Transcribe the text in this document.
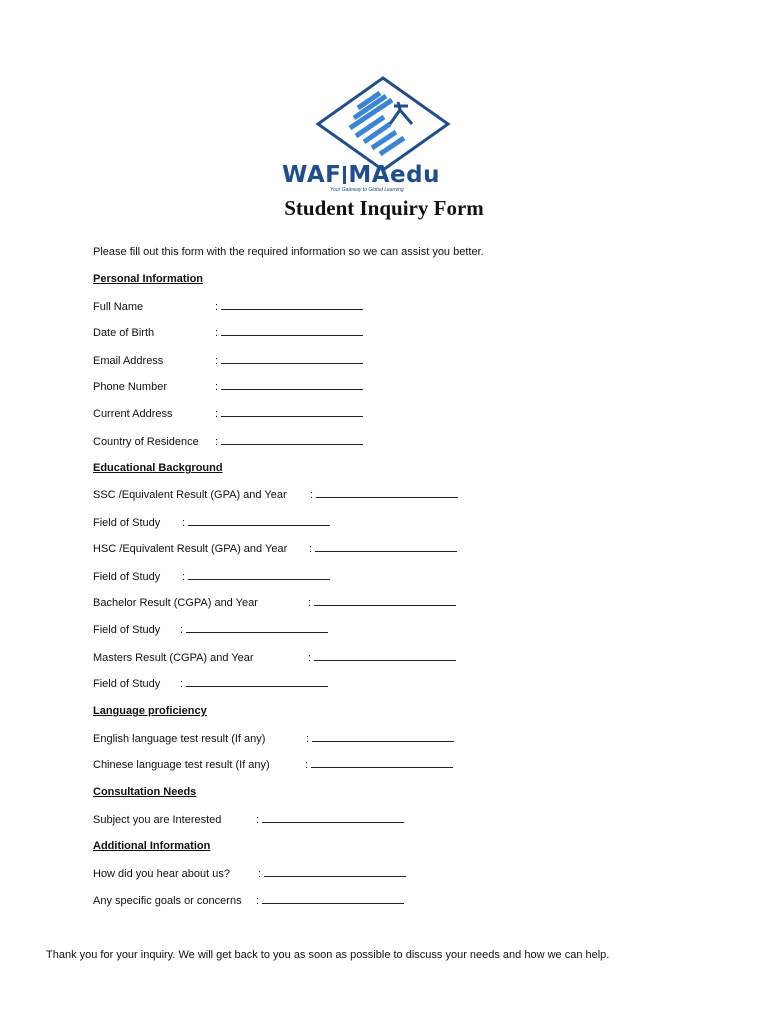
WAF MAedu
Your Gateway to Global Learning
Student Inquiry Form
Please fill out this form with the required information so we can assist you better.
Personal Information
Full Name	:
Date of Birth	:
Email Address	:
Phone Number	:
Current Address	:
Country of Residence :
Educational Background
SSC /Equivalent Result (GPA) and Year :
Field of Study :
HSC /Equivalent Result (GPA) and Year :
Field of Study :
Bachelor Result (CGPA) and Year	:
Field of Study :
Masters Result (CGPA) and Year	:
Field of Study :
Language proficiency
English language test result (If any)	:
Chinese language test result (If any)	:
Consultation Needs
Subject you are Interested	:
Additional Information
How did you hear about us?	:
Any specific goals or concerns :
Thank you for your inquiry. We will get back to you as soon as possible to discuss your needs and how we can help.
